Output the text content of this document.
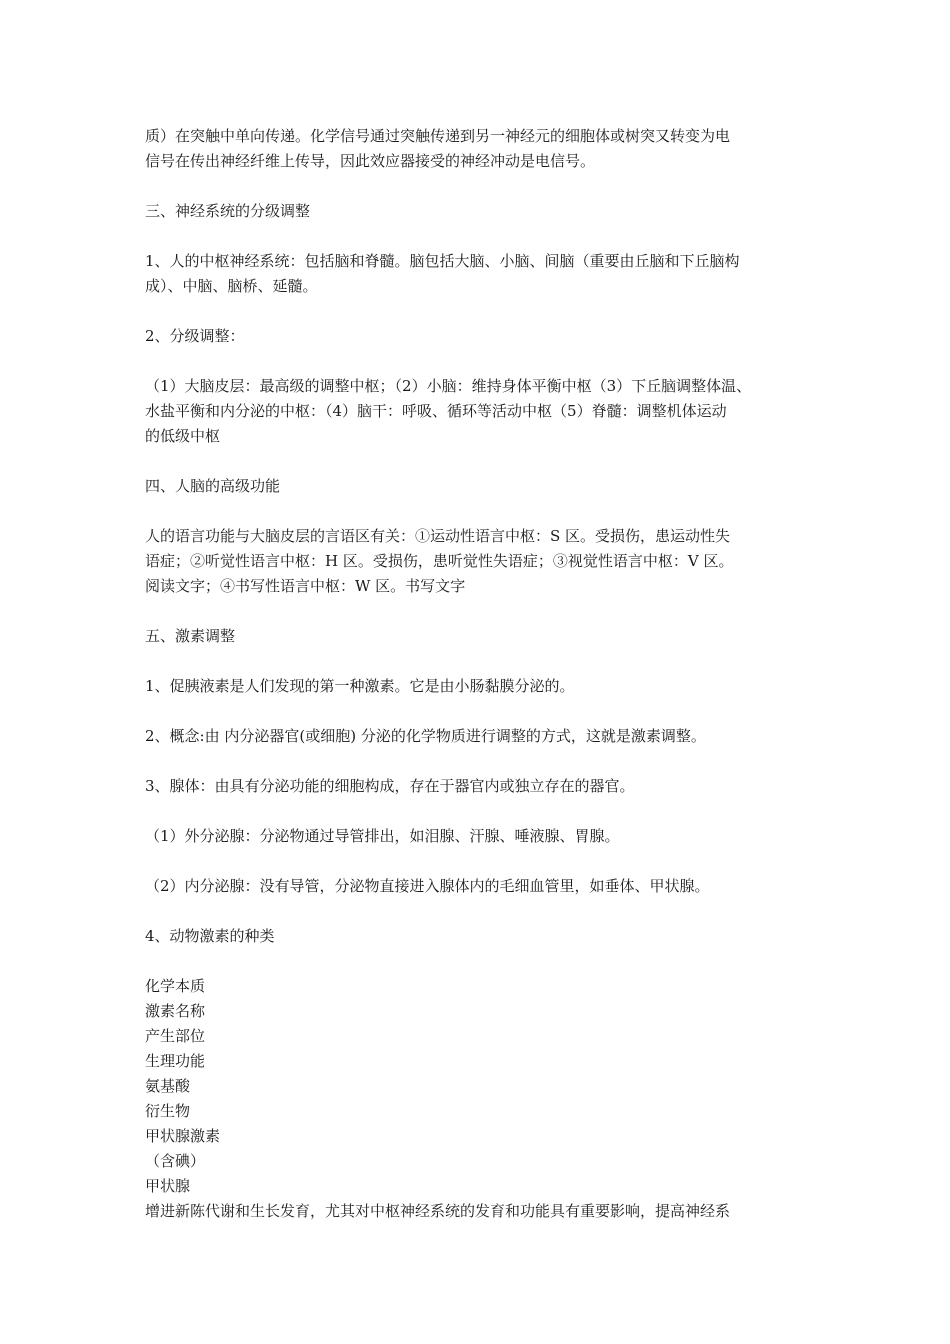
质）在突触中单向传递。化学信号通过突触传递到另一神经元的细胞体或树突又转变为电
信号在传出神经纤维上传导，因此效应器接受的神经冲动是电信号。
三、神经系统的分级调整
1、人的中枢神经系统：包括脑和脊髓。脑包括大脑、小脑、间脑（重要由丘脑和下丘脑构
成）、中脑、脑桥、延髓。
2、分级调整：
（1）大脑皮层：最高级的调整中枢；（2）小脑：维持身体平衡中枢（3）下丘脑调整体温、
水盐平衡和内分泌的中枢：（4）脑干：呼吸、循环等活动中枢（5）脊髓：调整机体运动
的低级中枢
四、人脑的高级功能
人的语言功能与大脑皮层的言语区有关：①运动性语言中枢：S 区。受损伤，患运动性失
语症；②听觉性语言中枢：H 区。受损伤，患听觉性失语症；③视觉性语言中枢：V 区。
阅读文字；④书写性语言中枢：W 区。书写文字
五、激素调整
1、促胰液素是人们发现的第一种激素。它是由小肠黏膜分泌的。
2、概念:由 内分泌器官(或细胞) 分泌的化学物质进行调整的方式，这就是激素调整。
3、腺体：由具有分泌功能的细胞构成，存在于器官内或独立存在的器官。
（1）外分泌腺：分泌物通过导管排出，如泪腺、汗腺、唾液腺、胃腺。
（2）内分泌腺：没有导管，分泌物直接进入腺体内的毛细血管里，如垂体、甲状腺。
4、动物激素的种类
化学本质
激素名称
产生部位
生理功能
氨基酸
衍生物
甲状腺激素
（含碘）
甲状腺
增进新陈代谢和生长发育，尤其对中枢神经系统的发育和功能具有重要影响，提高神经系
